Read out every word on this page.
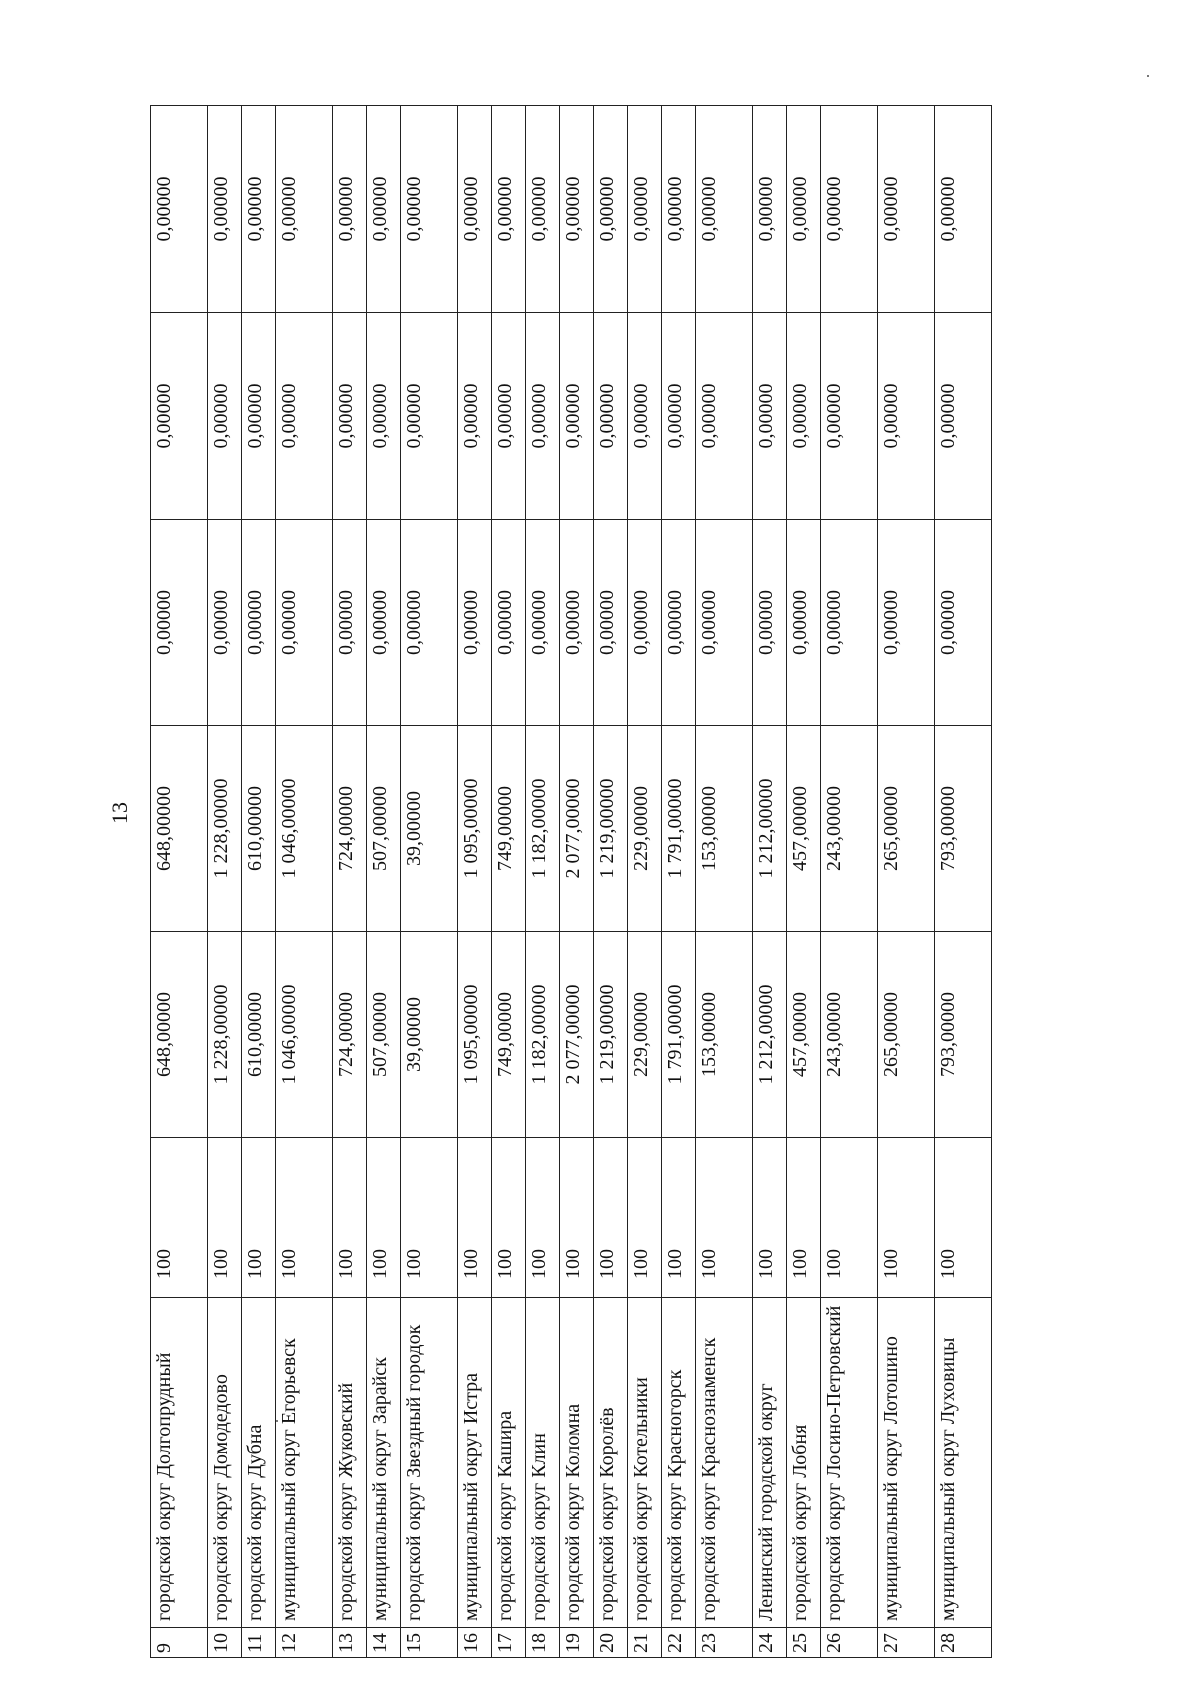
13
9	городской округ Долгопрудный	100	648,00000	648,00000	0,00000	0,00000	0,00000
10	городской округ Домодедово	100	1 228,00000	1 228,00000	0,00000	0,00000	0,00000
11	городской округ Дубна	100	610,00000	610,00000	0,00000	0,00000	0,00000
12	муниципальный округ Егорьевск	100	1 046,00000	1 046,00000	0,00000	0,00000	0,00000
13	городской округ Жуковский	100	724,00000	724,00000	0,00000	0,00000	0,00000
14	муниципальный округ Зарайск	100	507,00000	507,00000	0,00000	0,00000	0,00000
15	городской округ Звездный городок	100	39,00000	39,00000	0,00000	0,00000	0,00000
16	муниципальный округ Истра	100	1 095,00000	1 095,00000	0,00000	0,00000	0,00000
17	городской округ Кашира	100	749,00000	749,00000	0,00000	0,00000	0,00000
18	городской округ Клин	100	1 182,00000	1 182,00000	0,00000	0,00000	0,00000
19	городской округ Коломна	100	2 077,00000	2 077,00000	0,00000	0,00000	0,00000
20	городской округ Королёв	100	1 219,00000	1 219,00000	0,00000	0,00000	0,00000
21	городской округ Котельники	100	229,00000	229,00000	0,00000	0,00000	0,00000
22	городской округ Красногорск	100	1 791,00000	1 791,00000	0,00000	0,00000	0,00000
23	городской округ Краснознаменск	100	153,00000	153,00000	0,00000	0,00000	0,00000
24	Ленинский городской округ	100	1 212,00000	1 212,00000	0,00000	0,00000	0,00000
25	городской округ Лобня	100	457,00000	457,00000	0,00000	0,00000	0,00000
26	городской округ Лосино-Петровский	100	243,00000	243,00000	0,00000	0,00000	0,00000
27	муниципальный округ Лотошино	100	265,00000	265,00000	0,00000	0,00000	0,00000
28	муниципальный округ Луховицы	100	793,00000	793,00000	0,00000	0,00000	0,00000
